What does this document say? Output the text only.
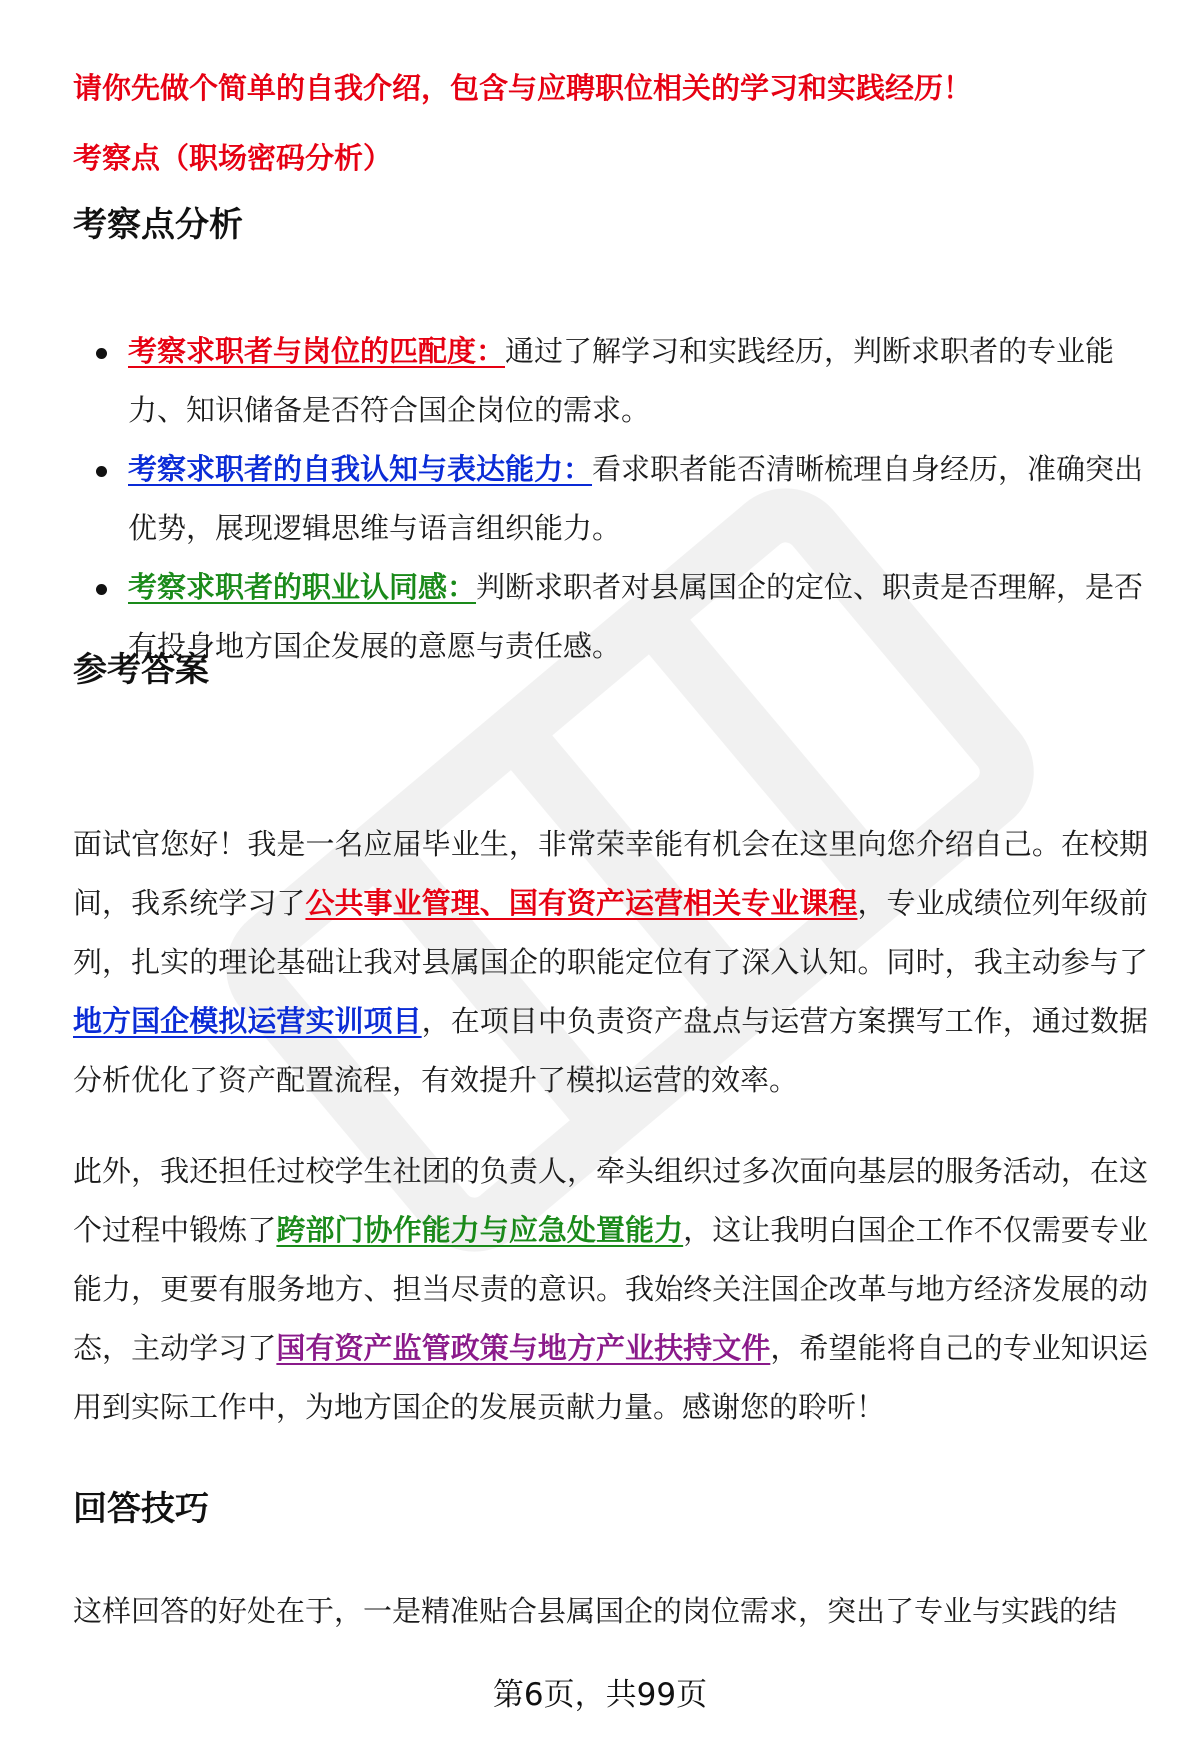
请你先做个简单的自我介绍，包含与应聘职位相关的学习和实践经历！
考察点（职场密码分析）
考察点分析
考察求职者与岗位的匹配度：通过了解学习和实践经历，判断求职者的专业能力、知识储备是否符合国企岗位的需求。
考察求职者的自我认知与表达能力：看求职者能否清晰梳理自身经历，准确突出优势，展现逻辑思维与语言组织能力。
考察求职者的职业认同感：判断求职者对县属国企的定位、职责是否理解，是否有投身地方国企发展的意愿与责任感。
参考答案

面试官您好！我是一名应届毕业生，非常荣幸能有机会在这里向您介绍自己。在校期间，我系统学习了公共事业管理、国有资产运营相关专业课程，专业成绩位列年级前列，扎实的理论基础让我对县属国企的职能定位有了深入认知。同时，我主动参与了地方国企模拟运营实训项目，在项目中负责资产盘点与运营方案撰写工作，通过数据分析优化了资产配置流程，有效提升了模拟运营的效率。

此外，我还担任过校学生社团的负责人，牵头组织过多次面向基层的服务活动，在这个过程中锻炼了跨部门协作能力与应急处置能力，这让我明白国企工作不仅需要专业能力，更要有服务地方、担当尽责的意识。我始终关注国企改革与地方经济发展的动态，主动学习了国有资产监管政策与地方产业扶持文件，希望能将自己的专业知识运用到实际工作中，为地方国企的发展贡献力量。感谢您的聆听！

回答技巧

这样回答的好处在于，一是精准贴合县属国企的岗位需求，突出了专业与实践的结

第6页，共99页
